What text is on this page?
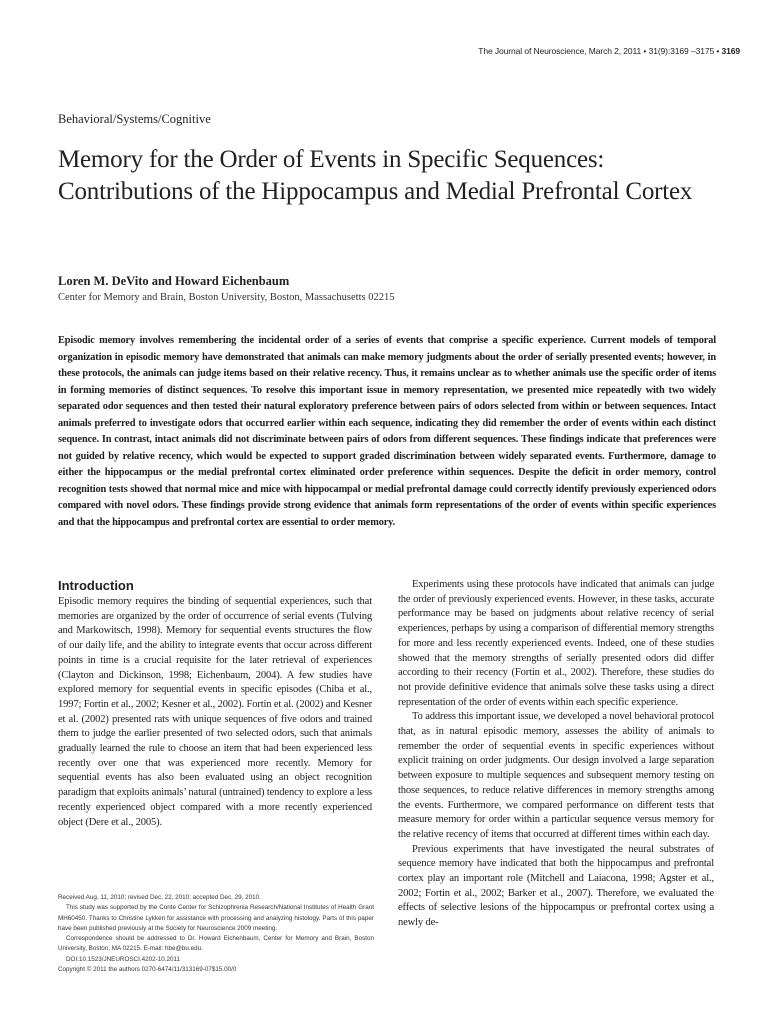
The Journal of Neuroscience, March 2, 2011 • 31(9):3169 –3175 • 3169
Behavioral/Systems/Cognitive
Memory for the Order of Events in Specific Sequences: Contributions of the Hippocampus and Medial Prefrontal Cortex
Loren M. DeVito and Howard Eichenbaum
Center for Memory and Brain, Boston University, Boston, Massachusetts 02215

Episodic memory involves remembering the incidental order of a series of events that comprise a specific experience. Current models of temporal organization in episodic memory have demonstrated that animals can make memory judgments about the order of serially presented events; however, in these protocols, the animals can judge items based on their relative recency. Thus, it remains unclear as to whether animals use the specific order of items in forming memories of distinct sequences. To resolve this important issue in memory representation, we presented mice repeatedly with two widely separated odor sequences and then tested their natural exploratory preference between pairs of odors selected from within or between sequences. Intact animals preferred to investigate odors that occurred earlier within each sequence, indicating they did remember the order of events within each distinct sequence. In contrast, intact animals did not discriminate between pairs of odors from different sequences. These findings indicate that preferences were not guided by relative recency, which would be expected to support graded discrimination between widely separated events. Furthermore, damage to either the hippocampus or the medial prefrontal cortex eliminated order preference within sequences. Despite the deficit in order memory, control recognition tests showed that normal mice and mice with hippocampal or medial prefrontal damage could correctly identify previously experienced odors compared with novel odors. These findings provide strong evidence that animals form representations of the order of events within specific experiences and that the hippocampus and prefrontal cortex are essential to order memory.

Introduction

Episodic memory requires the binding of sequential experiences, such that memories are organized by the order of occurrence of serial events (Tulving and Markowitsch, 1998). Memory for sequential events structures the flow of our daily life, and the ability to integrate events that occur across different points in time is a crucial requisite for the later retrieval of experiences (Clayton and Dickinson, 1998; Eichenbaum, 2004). A few studies have explored memory for sequential events in specific episodes (Chiba et al., 1997; Fortin et al., 2002; Kesner et al., 2002). Fortin et al. (2002) and Kesner et al. (2002) presented rats with unique sequences of five odors and trained them to judge the earlier presented of two selected odors, such that animals gradually learned the rule to choose an item that had been experienced less recently over one that was experienced more recently. Memory for sequential events has also been evaluated using an object recognition paradigm that exploits animals’ natural (untrained) tendency to explore a less recently experienced object compared with a more recently experienced object (Dere et al., 2005).

Experiments using these protocols have indicated that animals can judge the order of previously experienced events. However, in these tasks, accurate performance may be based on judgments about relative recency of serial experiences, perhaps by using a comparison of differential memory strengths for more and less recently experienced events. Indeed, one of these studies showed that the memory strengths of serially presented odors did differ according to their recency (Fortin et al., 2002). Therefore, these studies do not provide definitive evidence that animals solve these tasks using a direct representation of the order of events within each specific experience.

To address this important issue, we developed a novel behavioral protocol that, as in natural episodic memory, assesses the ability of animals to remember the order of sequential events in specific experiences without explicit training on order judgments. Our design involved a large separation between exposure to multiple sequences and subsequent memory testing on those sequences, to reduce relative differences in memory strengths among the events. Furthermore, we compared performance on different tests that measure memory for order within a particular sequence versus memory for the relative recency of items that occurred at different times within each day.

Previous experiments that have investigated the neural substrates of sequence memory have indicated that both the hippocampus and prefrontal cortex play an important role (Mitchell and Laiacona, 1998; Agster et al., 2002; Fortin et al., 2002; Barker et al., 2007). Therefore, we evaluated the effects of selective lesions of the hippocampus or prefrontal cortex using a newly de-

Received Aug. 11, 2010; revised Dec. 22, 2010; accepted Dec. 29, 2010.

This study was supported by the Conte Center for Schizophrenia Research/National Institutes of Health Grant MH60450. Thanks to Christine Lykken for assistance with processing and analyzing histology. Parts of this paper have been published previously at the Society for Neuroscience 2009 meeting.

Correspondence should be addressed to Dr. Howard Eichenbaum, Center for Memory and Brain, Boston University, Boston, MA 02215. E-mail: hbe@bu.edu.

DOI:10.1523/JNEUROSCI.4202-10.2011

Copyright © 2011 the authors 0270-6474/11/313169-07$15.00/0
